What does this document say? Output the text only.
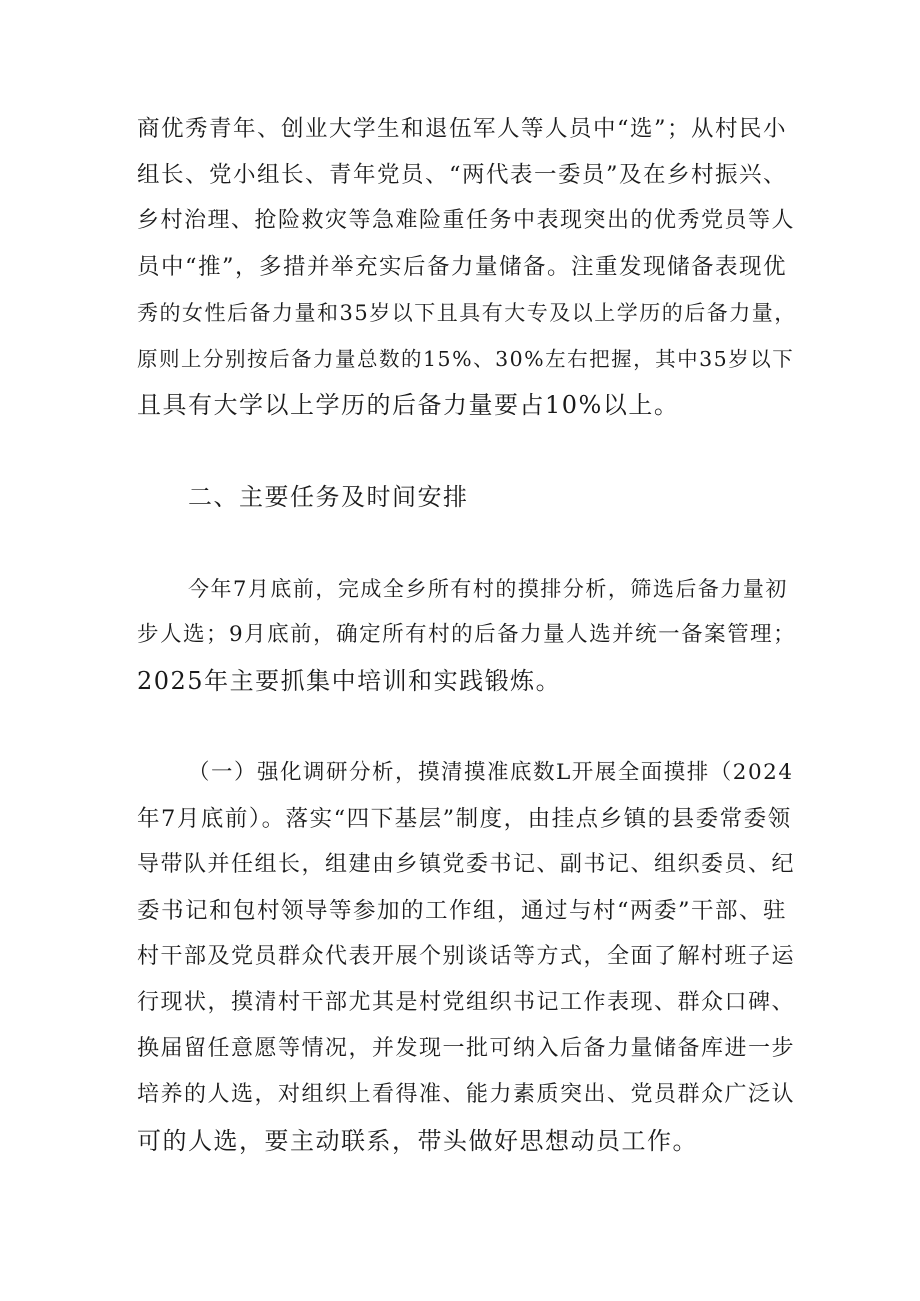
商优秀青年、创业大学生和退伍军人等人员中“选”；从村民小
组长、党小组长、青年党员、“两代表一委员”及在乡村振兴、
乡村治理、抢险救灾等急难险重任务中表现突出的优秀党员等人
员中“推”，多措并举充实后备力量储备。注重发现储备表现优
秀的女性后备力量和35岁以下且具有大专及以上学历的后备力量，
原则上分别按后备力量总数的15%、30%左右把握，其中35岁以下
且具有大学以上学历的后备力量要占10%以上。
二、主要任务及时间安排
今年7月底前，完成全乡所有村的摸排分析，筛选后备力量初
步人选；9月底前，确定所有村的后备力量人选并统一备案管理；
2025年主要抓集中培训和实践锻炼。
（一）强化调研分析，摸清摸准底数L开展全面摸排（2024
年7月底前）。落实“四下基层”制度，由挂点乡镇的县委常委领
导带队并任组长，组建由乡镇党委书记、副书记、组织委员、纪
委书记和包村领导等参加的工作组，通过与村“两委”干部、驻
村干部及党员群众代表开展个别谈话等方式，全面了解村班子运
行现状，摸清村干部尤其是村党组织书记工作表现、群众口碑、
换届留任意愿等情况，并发现一批可纳入后备力量储备库进一步
培养的人选，对组织上看得准、能力素质突出、党员群众广泛认
可的人选，要主动联系，带头做好思想动员工作。
